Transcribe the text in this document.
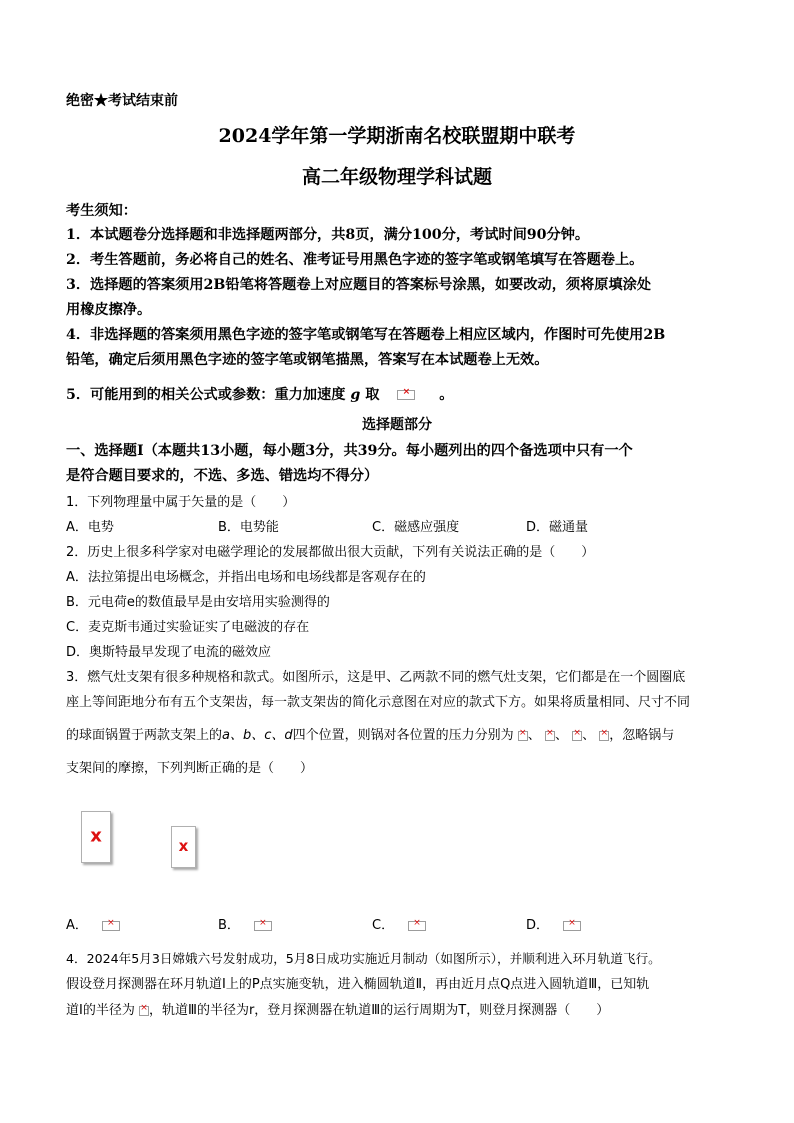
绝密★考试结束前
2024学年第一学期浙南名校联盟期中联考
高二年级物理学科试题
考生须知：
1．本试题卷分选择题和非选择题两部分，共8页，满分100分，考试时间90分钟。
2．考生答题前，务必将自己的姓名、准考证号用黑色字迹的签字笔或钢笔填写在答题卷上。
3．选择题的答案须用2B铅笔将答题卷上对应题目的答案标号涂黑，如要改动，须将原填涂处
用橡皮擦净。
4．非选择题的答案须用黑色字迹的签字笔或钢笔写在答题卷上相应区域内，作图时可先使用2B
铅笔，确定后须用黑色字迹的签字笔或钢笔描黑，答案写在本试题卷上无效。
5．可能用到的相关公式或参数：重力加速度 g 取 ×	。
选择题部分
一、选择题Ⅰ（本题共13小题，每小题3分，共39分。每小题列出的四个备选项中只有一个
是符合题目要求的，不选、多选、错选均不得分）
1．下列物理量中属于矢量的是（　　）
A．电势	B．电势能	C．磁感应强度	D．磁通量
2．历史上很多科学家对电磁学理论的发展都做出很大贡献，下列有关说法正确的是（　　）
A．法拉第提出电场概念，并指出电场和电场线都是客观存在的
B．元电荷e的数值最早是由安培用实验测得的
C．麦克斯韦通过实验证实了电磁波的存在
D．奥斯特最早发现了电流的磁效应
3．燃气灶支架有很多种规格和款式。如图所示，这是甲、乙两款不同的燃气灶支架，它们都是在一个圆圈底
座上等间距地分布有五个支架齿，每一款支架齿的简化示意图在对应的款式下方。如果将质量相同、尺寸不同
的球面锅置于两款支架上的a、b、c、d四个位置，则锅对各位置的压力分别为 × 、 × 、 × 、 × ，忽略锅与
支架间的摩擦，下列判断正确的是（　　）
x	x
A． ×	B． ×	C． ×	D．×
4．2024年5月3日嫦娥六号发射成功，5月8日成功实施近月制动（如图所示），并顺利进入环月轨道飞行。
假设登月探测器在环月轨道Ⅰ上的P点实施变轨，进入椭圆轨道Ⅱ，再由近月点Q点进入圆轨道Ⅲ，已知轨
道Ⅰ的半径为 × ，轨道Ⅲ的半径为r，登月探测器在轨道Ⅲ的运行周期为T，则登月探测器（　　）
